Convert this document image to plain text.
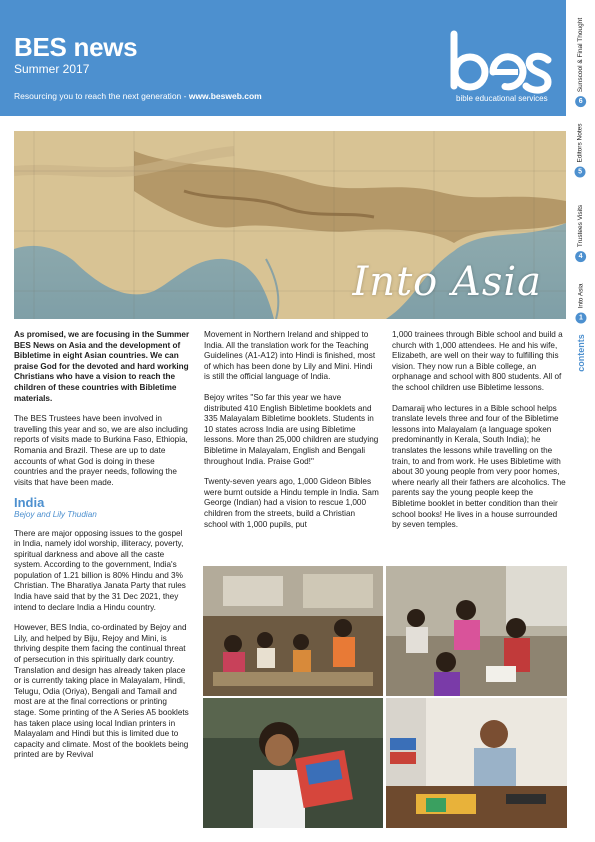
BES news
Summer 2017
Resourcing you to reach the next generation - www.besweb.com	bible educational services	6
Sunscool & Final Thought
5
Editors Notes
4
Trustees Visits
1
Into Asia
contents
Into Asia

As promised, we are focusing in the Summer BES News on Asia and the development of Bibletime in eight Asian countries. We can praise God for the devoted and hard working Christians who have a vision to reach the children of these countries with Bibletime materials.

The BES Trustees have been involved in travelling this year and so, we are also including reports of visits made to Burkina Faso, Ethiopia, Romania and Brazil. These are up to date accounts of what God is doing in these countries and the prayer needs, following the visits that have been made.

India
Bejoy and Lily Thudian

There are major opposing issues to the gospel in India, namely idol worship, illiteracy, poverty, spiritual darkness and above all the caste system. According to the government, India's population of 1.21 billion is 80% Hindu and 3% Christian. The Bharatiya Janata Party that rules India have said that by the 31 Dec 2021, they intend to declare India a Hindu country.

However, BES India, co-ordinated by Bejoy and Lily, and helped by Biju, Rejoy and Mini, is thriving despite them facing the continual threat of persecution in this spiritually dark country. Translation and design has already taken place or is currently taking place in Malayalam, Hindi, Telugu, Odia (Oriya), Bengali and Tamail and most are at the final corrections or printing stage. Some printing of the A Series A5 booklets has taken place using local Indian printers in Malayalam and Hindi but this is limited due to capacity and climate. Most of the booklets being printed are by Revival

Movement in Northern Ireland and shipped to India. All the translation work for the Teaching Guidelines (A1-A12) into Hindi is finished, most of which has been done by Lily and Mini. Hindi is still the official language of India.

Bejoy writes "So far this year we have distributed 410 English Bibletime booklets and 335 Malayalam Bibletime booklets. Students in 10 states across India are using Bibletime lessons. More than 25,000 children are studying Bibletime in Malayalam, English and Bengali throughout India. Praise God!"

Twenty-seven years ago, 1,000 Gideon Bibles were burnt outside a Hindu temple in India. Sam George (Indian) had a vision to rescue 1,000 children from the streets, build a Christian school with 1,000 pupils, put

1,000 trainees through Bible school and build a church with 1,000 attendees. He and his wife, Elizabeth, are well on their way to fulfilling this vision. They now run a Bible college, an orphanage and school with 800 students. All of the school children use Bibletime lessons.

Damaraij who lectures in a Bible school helps translate levels three and four of the Bibletime lessons into Malayalam (a language spoken predominantly in Kerala, South India); he translates the lessons while travelling on the train, to and from work. He uses Bibletime with about 30 young people from very poor homes, where nearly all their fathers are alcoholics. The parents say the young people keep the Bibletime booklet in better condition than their school books! He lives in a house surrounded by seven temples.
